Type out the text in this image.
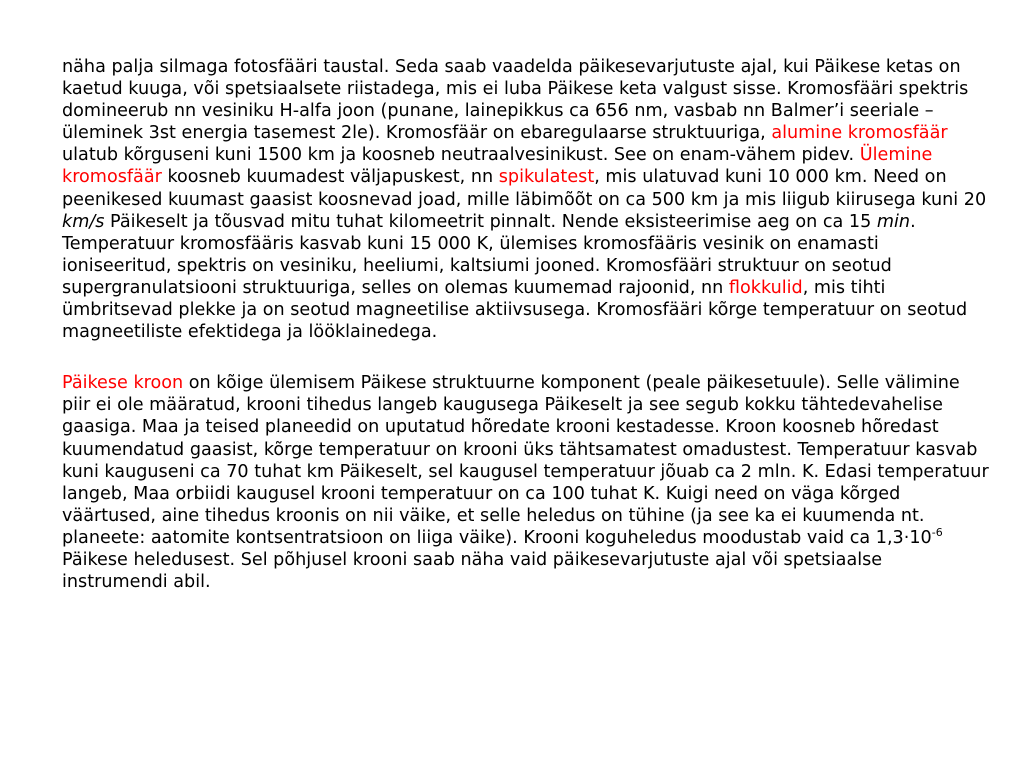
näha palja silmaga fotosfääri taustal. Seda saab vaadelda päikesevarjutuste ajal, kui Päikese ketas on kaetud kuuga, või spetsiaalsete riistadega, mis ei luba Päikese keta valgust sisse. Kromosfääri spektris domineerub nn vesiniku H-alfa joon (punane, lainepikkus ca 656 nm, vasbab nn Balmer’i seeriale – üleminek 3st energia tasemest 2le). Kromosfäär on ebaregulaarse struktuuriga, alumine kromosfäär ulatub kõrguseni kuni 1500 km ja koosneb neutraalvesinikust. See on enam-vähem pidev. Ülemine kromosfäär koosneb kuumadest väljapuskest, nn spikulatest, mis ulatuvad kuni 10 000 km. Need on peenikesed kuumast gaasist koosnevad joad, mille läbimõõt on ca 500 km ja mis liigub kiirusega kuni 20 km/s Päikeselt ja tõusvad mitu tuhat kilomeetrit pinnalt. Nende eksisteerimise aeg on ca 15 min. Temperatuur kromosfääris kasvab kuni 15 000 K, ülemises kromosfääris vesinik on enamasti ioniseeritud, spektris on vesiniku, heeliumi, kaltsiumi jooned. Kromosfääri struktuur on seotud supergranulatsiooni struktuuriga, selles on olemas kuumemad rajoonid, nn flokkulid, mis tihti ümbritsevad plekke ja on seotud magneetilise aktiivsusega. Kromosfääri kõrge temperatuur on seotud magneetiliste efektidega ja lööklainedega.

Päikese kroon on kõige ülemisem Päikese struktuurne komponent (peale päikesetuule). Selle välimine piir ei ole määratud, krooni tihedus langeb kaugusega Päikeselt ja see segub kokku tähtedevahelise gaasiga. Maa ja teised planeedid on uputatud hõredate krooni kestadesse. Kroon koosneb hõredast kuumendatud gaasist, kõrge temperatuur on krooni üks tähtsamatest omadustest. Temperatuur kasvab kuni kauguseni ca 70 tuhat km Päikeselt, sel kaugusel temperatuur jõuab ca 2 mln. K. Edasi temperatuur langeb, Maa orbiidi kaugusel krooni temperatuur on ca 100 tuhat K. Kuigi need on väga kõrged väärtused, aine tihedus kroonis on nii väike, et selle heledus on tühine (ja see ka ei kuumenda nt. planeete: aatomite kontsentratsioon on liiga väike). Krooni koguheledus moodustab vaid ca $1,3\cdot 10^{-6}$ Päikese heledusest. Sel põhjusel krooni saab näha vaid päikesevarjutuste ajal või spetsiaalse instrumendi abil.
